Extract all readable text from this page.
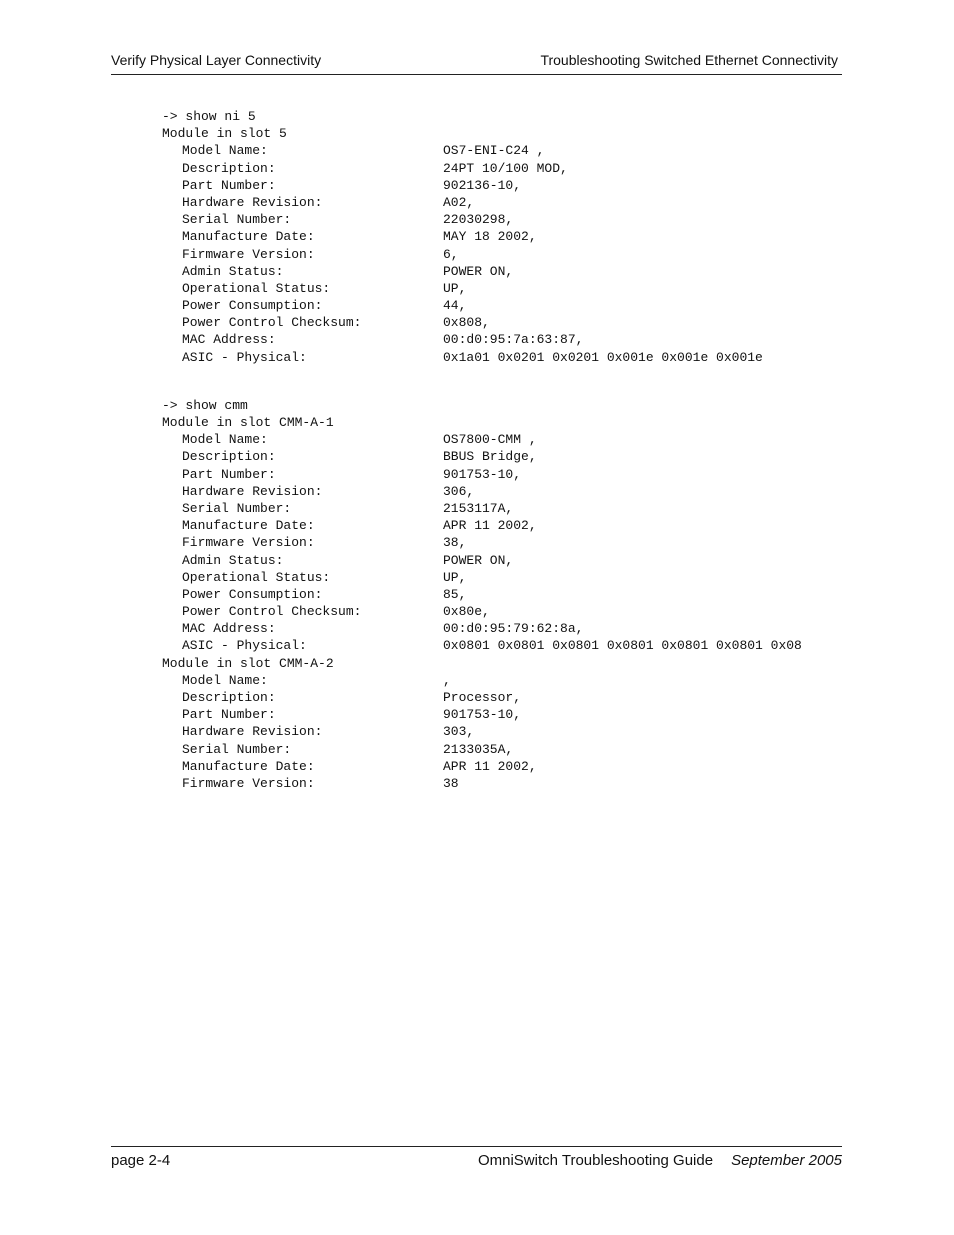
Verify Physical Layer Connectivity	Troubleshooting Switched Ethernet Connectivity
-> show ni 5
Module in slot 5
Model Name:	OS7-ENI-C24 ,
Description:	24PT 10/100 MOD,
Part Number:	902136-10,
Hardware Revision:	A02,
Serial Number:	22030298,
Manufacture Date:	MAY 18 2002,
Firmware Version:	6,
Admin Status:	POWER ON,
Operational Status:	UP,
Power Consumption:	44,
Power Control Checksum:	0x808,
MAC Address:	00:d0:95:7a:63:87,
ASIC - Physical:	0x1a01 0x0201 0x0201 0x001e 0x001e 0x001e
-> show cmm
Module in slot CMM-A-1
Model Name:	OS7800-CMM ,
Description:	BBUS Bridge,
Part Number:	901753-10,
Hardware Revision:	306,
Serial Number:	2153117A,
Manufacture Date:	APR 11 2002,
Firmware Version:	38,
Admin Status:	POWER ON,
Operational Status:	UP,
Power Consumption:	85,
Power Control Checksum:	0x80e,
MAC Address:	00:d0:95:79:62:8a,
ASIC - Physical:	0x0801 0x0801 0x0801 0x0801 0x0801 0x0801 0x08
Module in slot CMM-A-2
Model Name:	,
Description:	Processor,
Part Number:	901753-10,
Hardware Revision:	303,
Serial Number:	2133035A,
Manufacture Date:	APR 11 2002,
Firmware Version:	38
page 2-4	OmniSwitch Troubleshooting Guide September 2005
